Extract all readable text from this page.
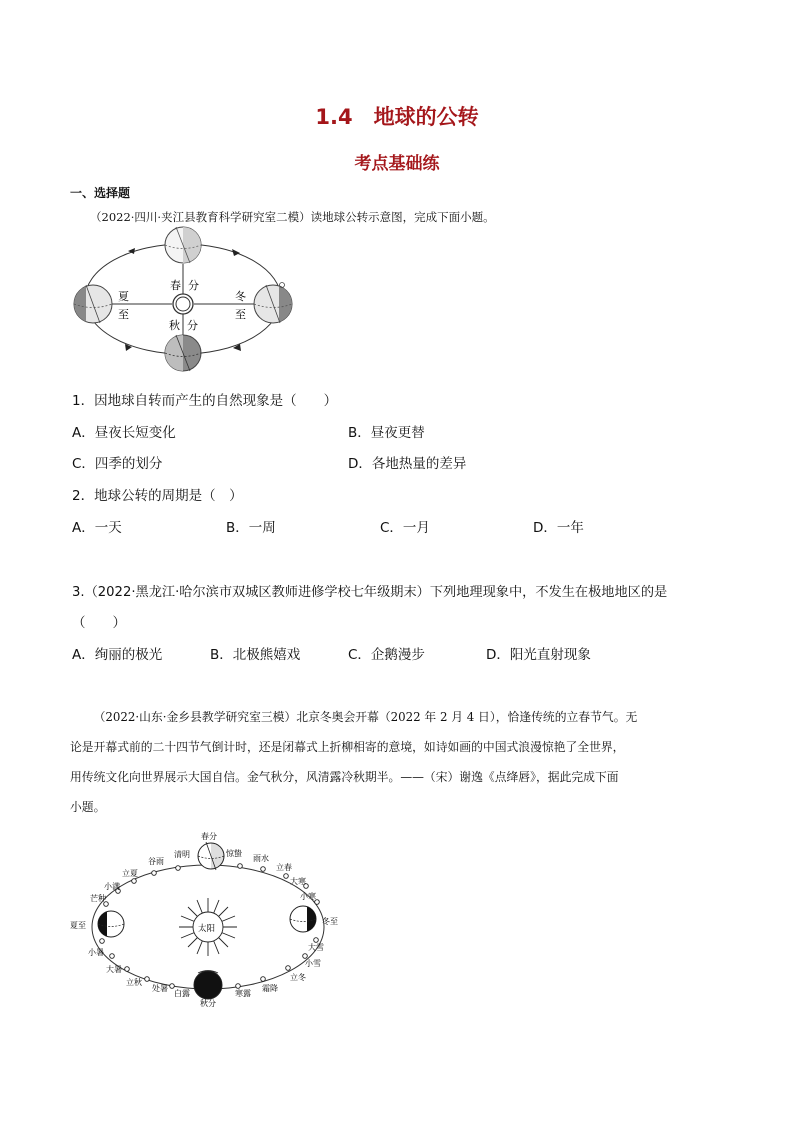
1.4　地球的公转
考点基础练
一、选择题
（2022·四川·夹江县教育科学研究室二模）读地球公转示意图，完成下面小题。
春 分
夏
至
冬
至
秋 分
1．因地球自转而产生的自然现象是（　　）
A．昼夜长短变化	B．昼夜更替
C．四季的划分	D．各地热量的差异
2．地球公转的周期是（　）
A．一天	B．一周	C．一月	D．一年
3.（2022·黑龙江·哈尔滨市双城区教师进修学校七年级期末）下列地理现象中，不发生在极地地区的是
（　　）
A．绚丽的极光	B．北极熊嬉戏	C．企鹅漫步	D．阳光直射现象
（2022·山东·金乡县教学研究室三模）北京冬奥会开幕（2022 年 2 月 4 日），恰逢传统的立春节气。无
论是开幕式前的二十四节气倒计时，还是闭幕式上折柳相寄的意境，如诗如画的中国式浪漫惊艳了全世界，
用传统文化向世界展示大国自信。金气秋分，风清露冷秋期半。——（宋）谢逸《点绛唇》，据此完成下面
小题。
太阳
春分
惊蛰
雨水
立春
大寒
小寒
冬至
大雪
小雪
立冬
霜降
寒露
秋分
白露
处暑
立秋
大暑
小暑
夏至
芒种
小满
立夏
谷雨
清明
